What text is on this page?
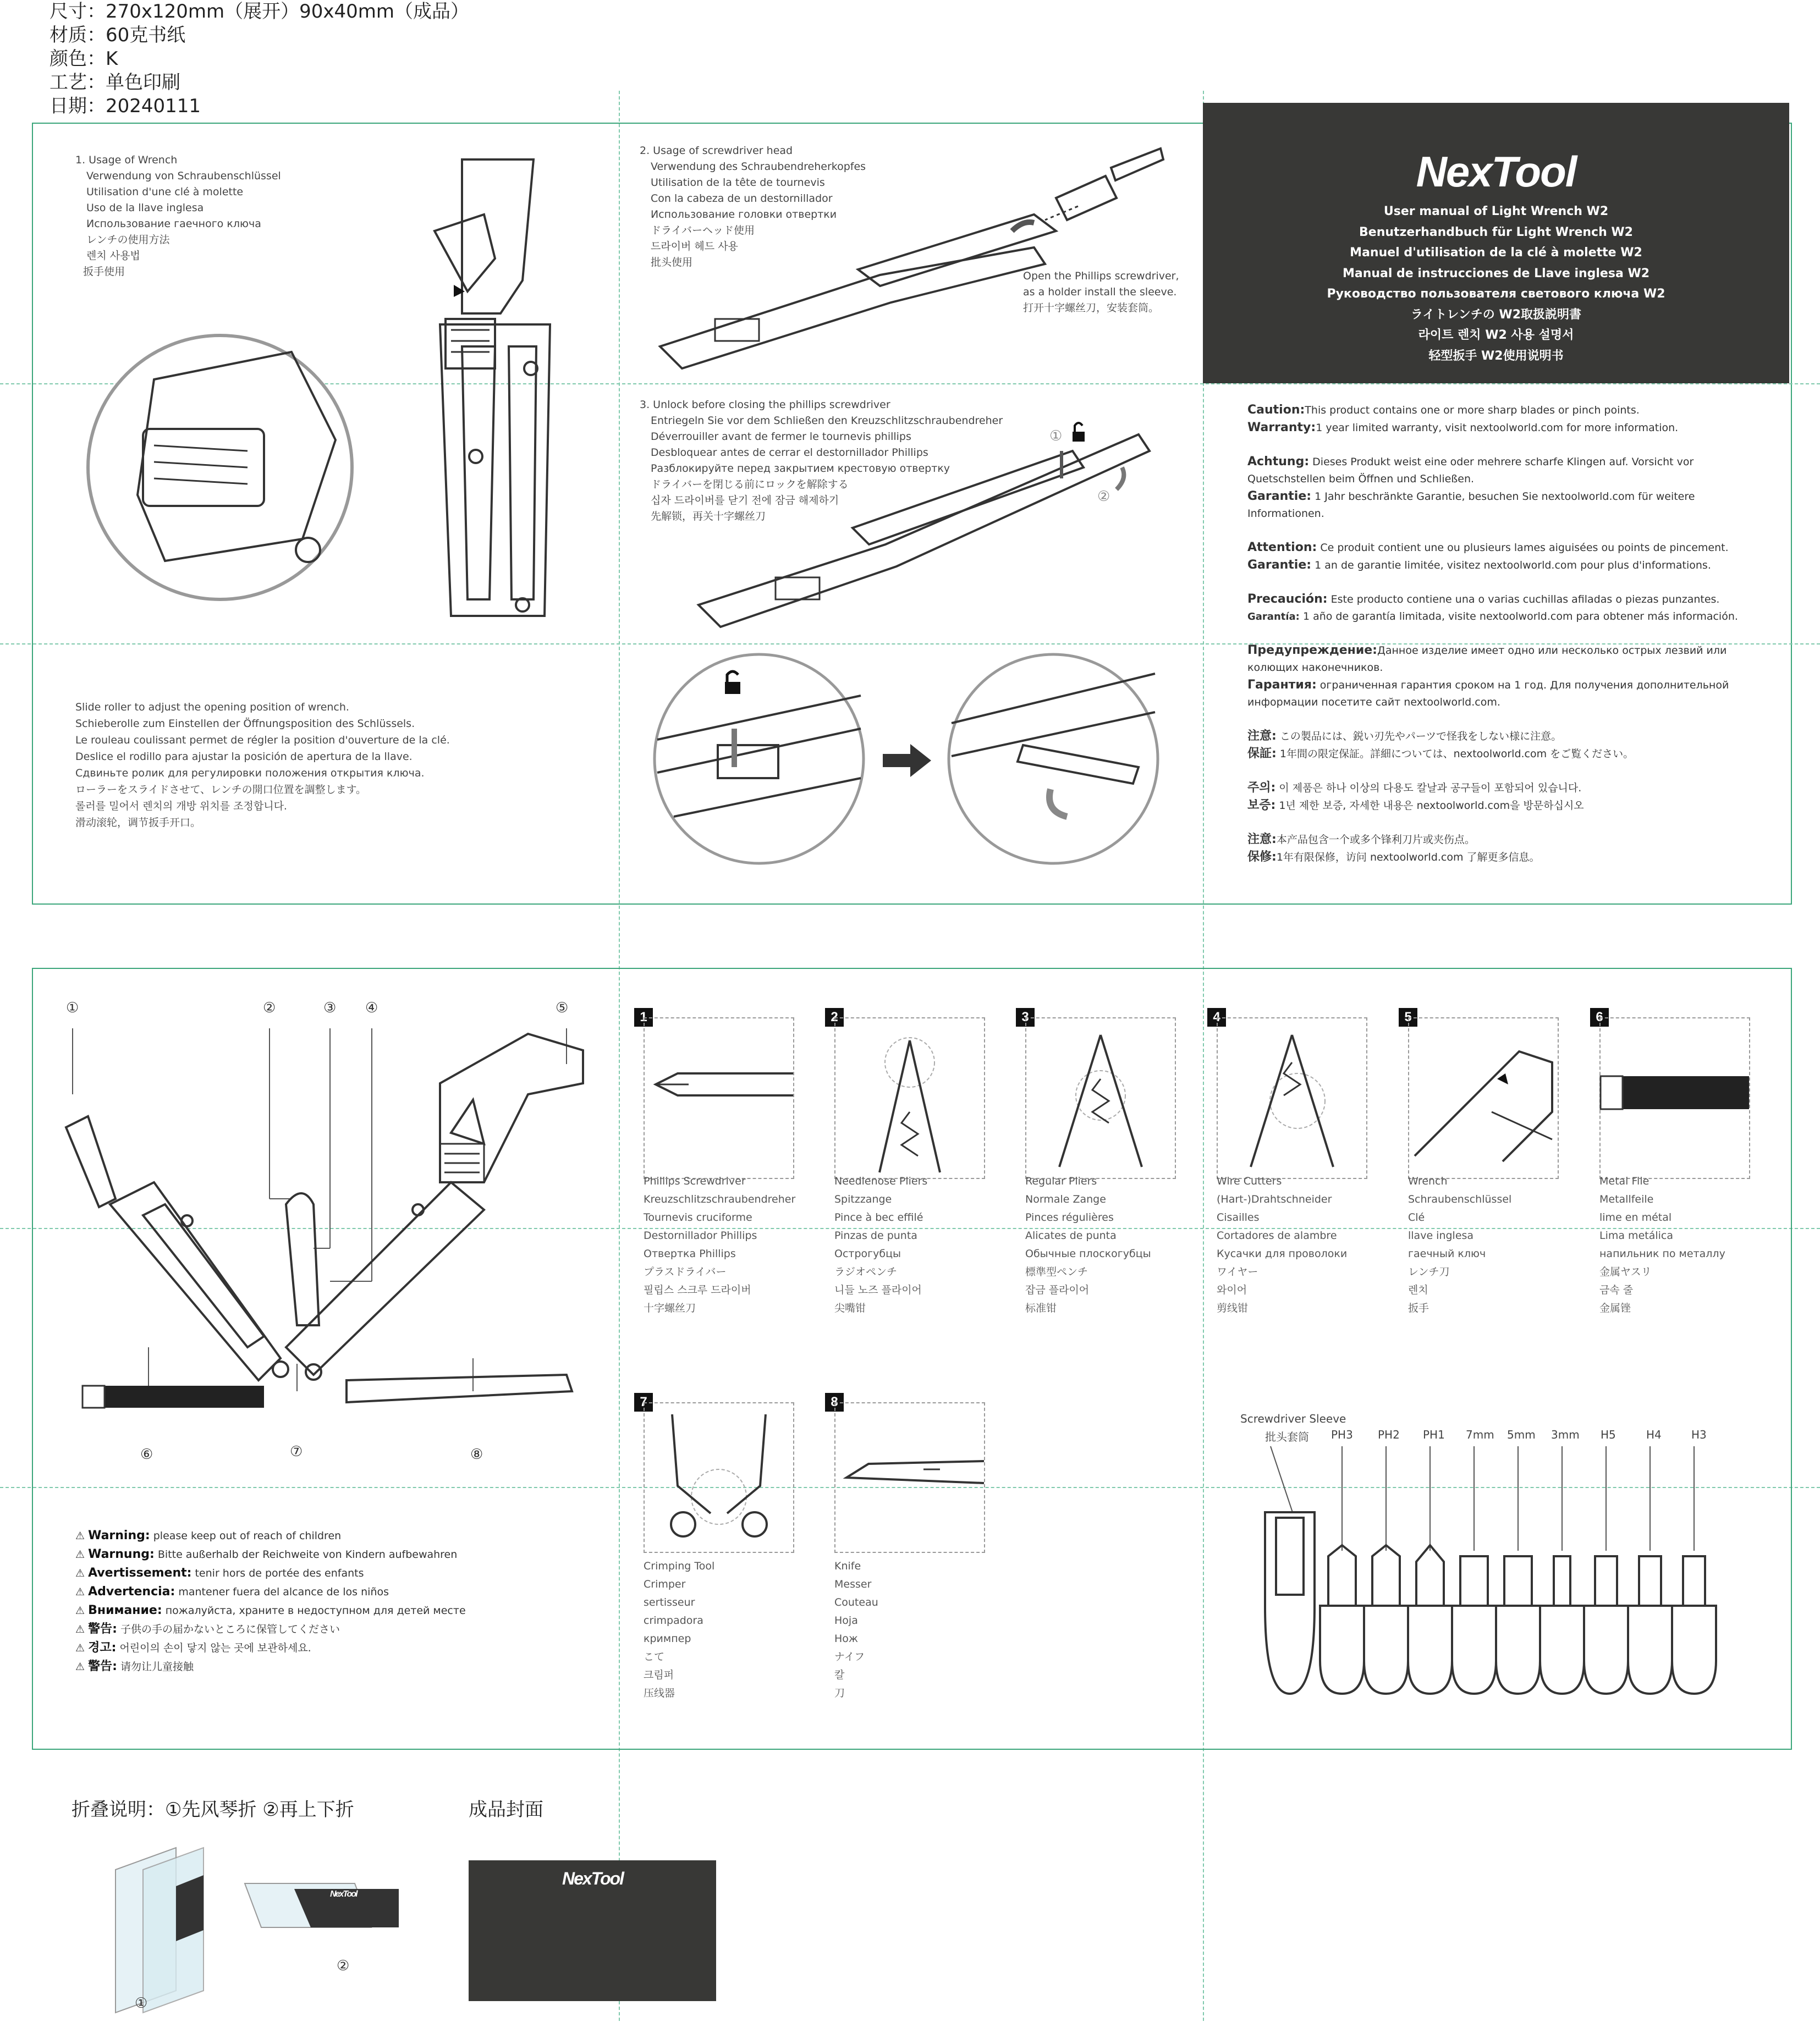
尺寸：270x120mm（展开）90x40mm（成品）
材质：60克书纸
颜色：K
工艺：单色印刷
日期：20240111
1. Usage of Wrench
Verwendung von Schraubenschlüssel
Utilisation d'une clé à molette
Uso de la llave inglesa
Использование гаечного ключа
レンチの使用方法
렌치 사용법
扳手使用
2. Usage of screwdriver head
Verwendung des Schraubendreherkopfes
Utilisation de la tête de tournevis
Con la cabeza de un destornillador
Использование головки отвертки
ドライバーヘッド使用
드라이버 헤드 사용
批头使用
Open the Phillips screwdriver,
as a holder install the sleeve.
打开十字螺丝刀，安装套筒。
3. Unlock before closing the phillips screwdriver
Entriegeln Sie vor dem Schließen den Kreuzschlitzschraubendreher
Déverrouiller avant de fermer le tournevis phillips
Desbloquear antes de cerrar el destornillador Phillips
Разблокируйте перед закрытием крестовую отвертку
ドライバーを閉じる前にロックを解除する
십자 드라이버를 닫기 전에 잠금 해제하기
先解锁，再关十字螺丝刀
①
②
Slide roller to adjust the opening position of wrench.
Schieberolle zum Einstellen der Öffnungsposition des Schlüssels.
Le rouleau coulissant permet de régler la position d'ouverture de la clé.
Deslice el rodillo para ajustar la posición de apertura de la llave.
Сдвиньте ролик для регулировки положения открытия ключа.
ローラーをスライドさせて、レンチの開口位置を調整します。
롤러를 밀어서 렌치의 개방 위치를 조정합니다.
滑动滚轮，调节扳手开口。
NexTool
User manual of Light Wrench W2
Benutzerhandbuch für Light Wrench W2
Manuel d'utilisation de la clé à molette W2
Manual de instrucciones de Llave inglesa W2
Руководство пользователя светового ключа W2
ライトレンチの W2取扱説明書
라이트 렌치 W2 사용 설명서
轻型扳手 W2使用说明书
Caution:This product contains one or more sharp blades or pinch points.
Warranty:1 year limited warranty, visit nextoolworld.com for more information.
Achtung: Dieses Produkt weist eine oder mehrere scharfe Klingen auf. Vorsicht vor Quetschstellen beim Öffnen und Schließen.
Garantie: 1 Jahr beschränkte Garantie, besuchen Sie nextoolworld.com für weitere Informationen.
Attention: Ce produit contient une ou plusieurs lames aiguisées ou points de pincement.
Garantie: 1 an de garantie limitée, visitez nextoolworld.com pour plus d'informations.
Precaución: Este producto contiene una o varias cuchillas afiladas o piezas punzantes.
Garantía: 1 año de garantía limitada, visite nextoolworld.com para obtener más información.
Предупреждение:Данное изделие имеет одно или несколько острых лезвий или колющих наконечников.
Гарантия: ограниченная гарантия сроком на 1 год. Для получения дополнительной информации посетите сайт nextoolworld.com.
注意: この製品には、鋭い刃先やパーツで怪我をしない様に注意。
保証: 1年間の限定保証。詳細については、nextoolworld.com をご覧ください。
주의: 이 제품은 하나 이상의 다용도 칼날과 공구들이 포함되어 있습니다.
보증: 1년 제한 보증, 자세한 내용은 nextoolworld.com을 방문하십시오
注意:本产品包含一个或多个锋利刀片或夹伤点。
保修:1年有限保修，访问 nextoolworld.com 了解更多信息。
①	②	③ ④	⑤
⑥	⑦	⑧
1
Phillips Screwdriver
Kreuzschlitzschraubendreher
Tournevis cruciforme
Destornillador Phillips
Отвертка Phillips
プラスドライバー
필립스 스크루 드라이버
十字螺丝刀
2
Needlenose Pliers
Spitzzange
Pince à bec effilé
Pinzas de punta
Острогубцы
ラジオペンチ
니들 노즈 플라이어
尖嘴钳
3
Regular Pliers
Normale Zange
Pinces régulières
Alicates de punta
Обычные плоскогубцы
標準型ペンチ
잡금 플라이어
标准钳
4
Wire Cutters
(Hart-)Drahtschneider
Cisailles
Cortadores de alambre
Кусачки для проволоки
ワイヤー
와이어
剪线钳
5
Wrench
Schraubenschlüssel
Clé
llave inglesa
гаечный ключ
レンチ刀
렌치
扳手
6
Metal File
Metallfeile
lime en métal
Lima metálica
напильник по металлу
金属ヤスリ
금속 줄
金属锉
7
Crimping Tool
Crimper
sertisseur
crimpadora
кримпер
こて
크림퍼
压线器
8
Knife
Messer
Couteau
Hoja
Нож
ナイフ
칼
刀
⚠ Warning: please keep out of reach of children
⚠ Warnung: Bitte außerhalb der Reichweite von Kindern aufbewahren
⚠ Avertissement: tenir hors de portée des enfants
⚠ Advertencia: mantener fuera del alcance de los niños
⚠ Внимание: пожалуйста, храните в недоступном для детей месте
⚠ 警告: 子供の手の届かないところに保管してください
⚠ 경고: 어린이의 손이 닿지 않는 곳에 보관하세요.
⚠ 警告: 请勿让儿童接触
Screwdriver Sleeve
批头套筒 PH3 PH2 PH1 7mm 5mm 3mm H5	H4	H3
折叠说明：①先风琴折 ②再上下折	成品封面
①
NexTool
②
NexTool
